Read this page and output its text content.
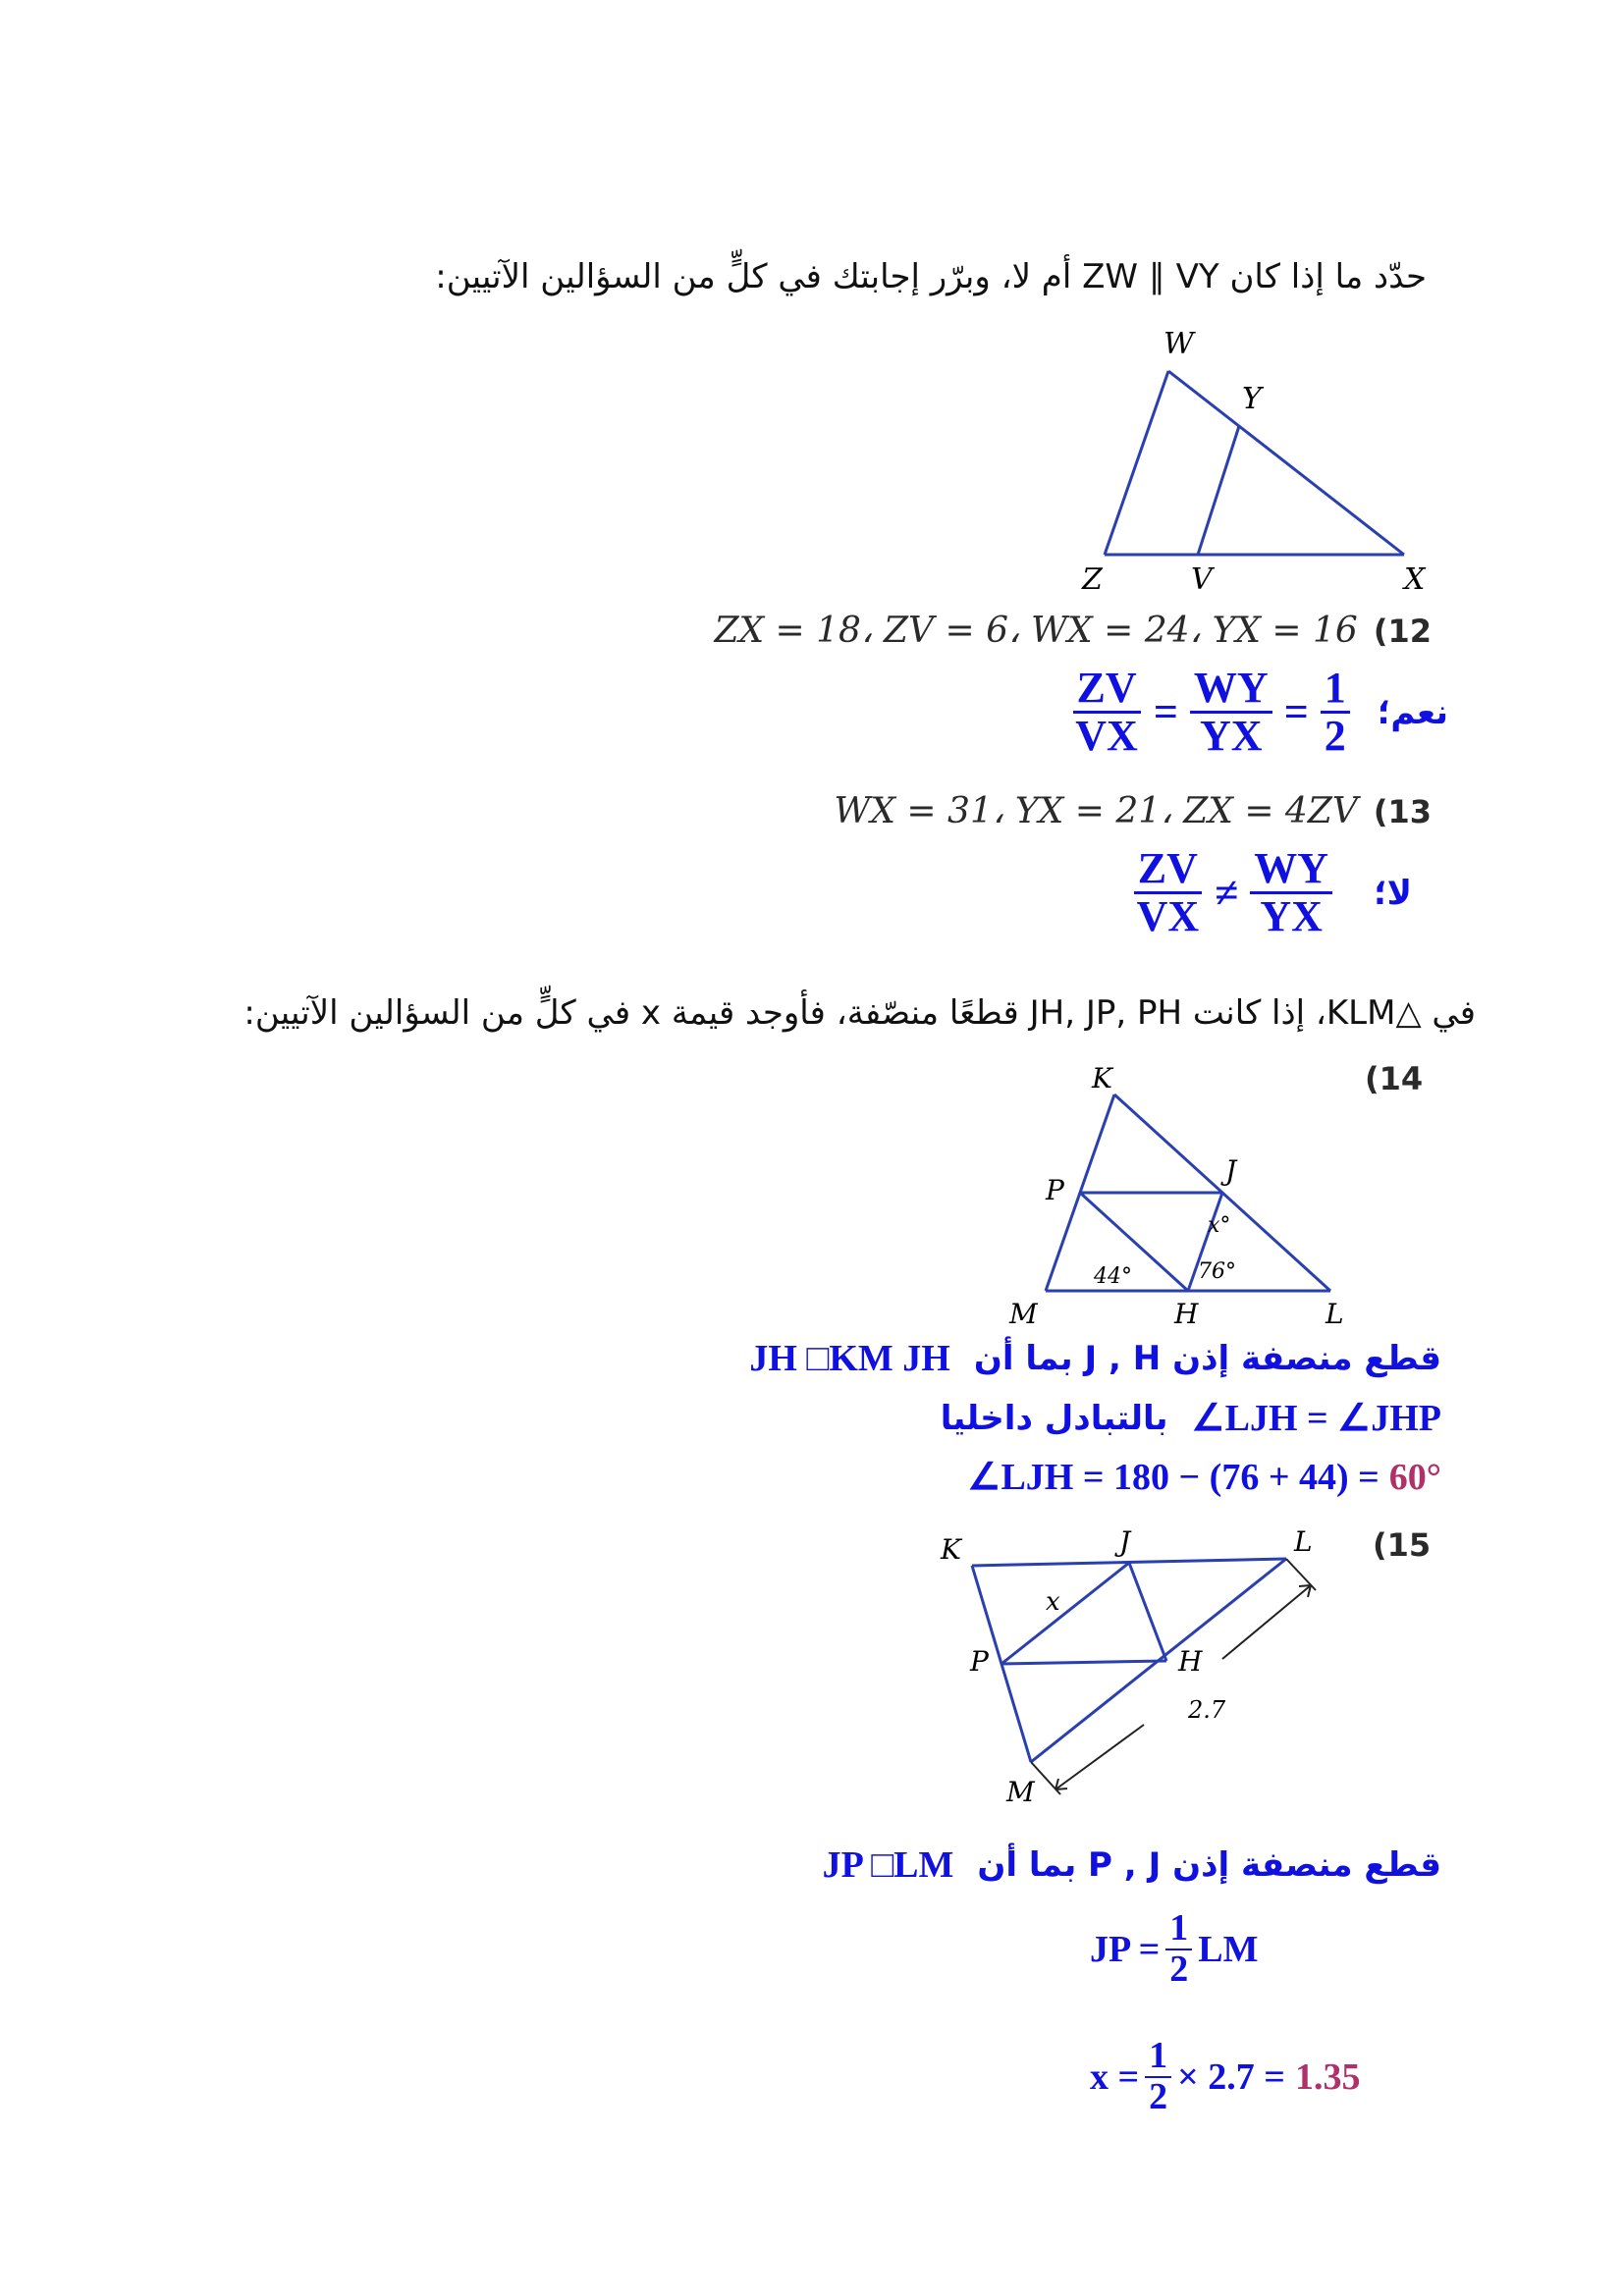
حدّد ما إذا كان ZW ∥ VY أم لا، وبرّر إجابتك في كلٍّ من السؤالين الآتيين:
W
Y
Z	V	X
ZX = 18، ZV = 6، WX = 24، YX = 16 (12
$\frac{ZV}{VX} = \frac{WY}{YX} = \frac{1}{2}$ نعم؛
WX = 31، YX = 21، ZX = 4ZV (13
$\frac{ZV}{VX} \ne \frac{WY}{YX}$ لا؛
في △KLM، إذا كانت JH, JP, PH قطعًا منصّفة، فأوجد قيمة x في كلٍّ من السؤالين الآتيين:
(14
K
J
P
x°
44°	76°
M	H	L
JH □KM JH بما أن J , H قطع منصفة إذن
بالتبادل داخليا ∠LJH = ∠JHP
∠LJH = 180 − (76 + 44) = 60°
(15
K	J	L
x
P	H
2.7
M
JP □LM بما أن P , J قطع منصفة إذن
JP = $\frac{1}{2}$ LM
$x = \frac{1}{2} \times 2.7 = 1.35$
